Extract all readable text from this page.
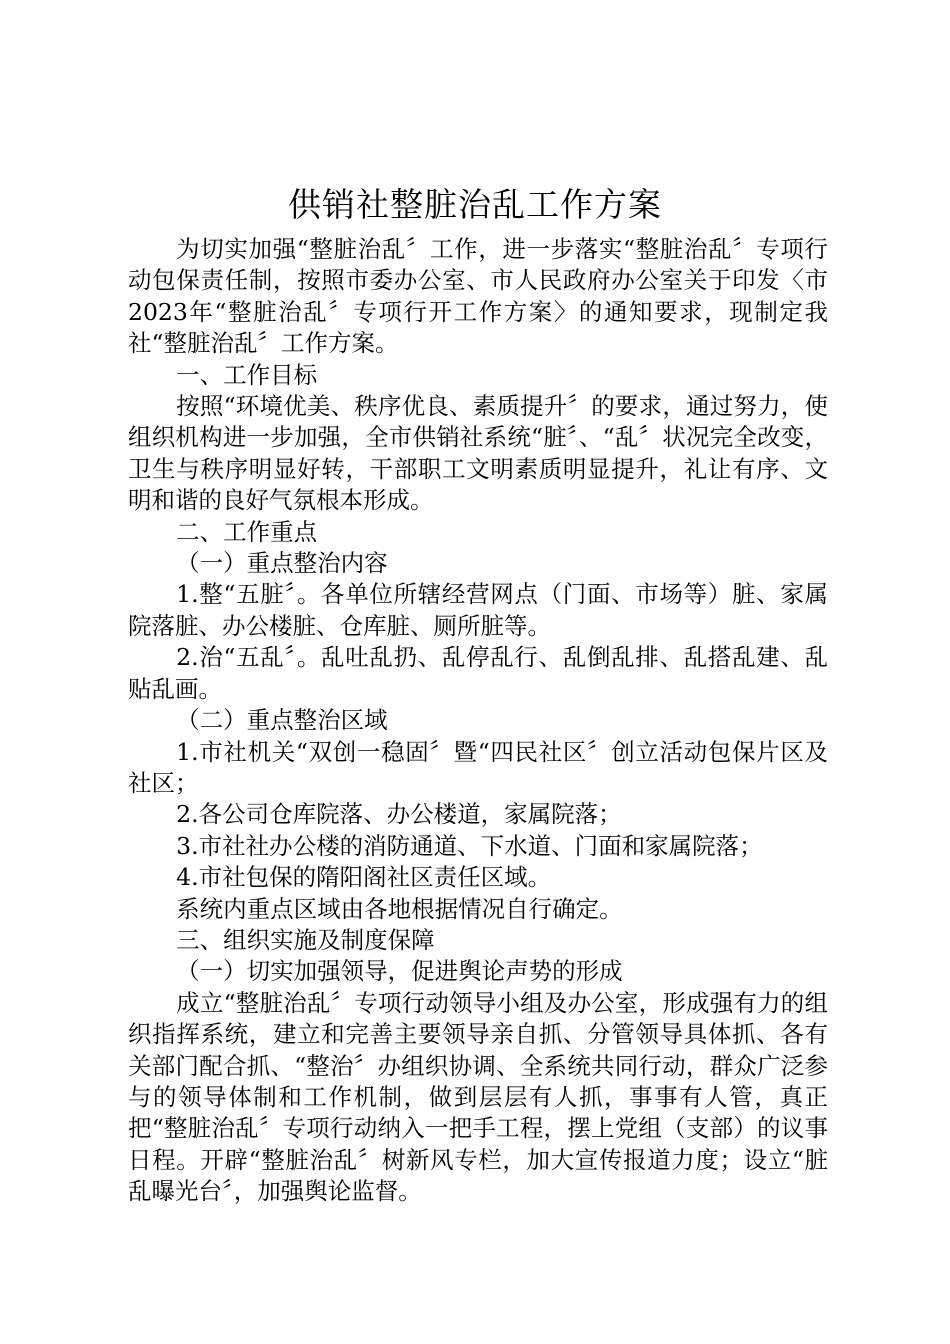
供销社整脏治乱工作方案

为切实加强“整脏治乱〞工作，进一步落实“整脏治乱〞专项行动包保责任制，按照市委办公室、市人民政府办公室关于印发〈市2023年“整脏治乱〞专项行开工作方案〉的通知要求，现制定我社“整脏治乱〞工作方案。

一、工作目标

按照“环境优美、秩序优良、素质提升〞的要求，通过努力，使组织机构进一步加强，全市供销社系统“脏〞、“乱〞状况完全改变，卫生与秩序明显好转，干部职工文明素质明显提升，礼让有序、文明和谐的良好气氛根本形成。

二、工作重点

（一）重点整治内容

1.整“五脏〞。各单位所辖经营网点（门面、市场等）脏、家属院落脏、办公楼脏、仓库脏、厕所脏等。

2.治“五乱〞。乱吐乱扔、乱停乱行、乱倒乱排、乱搭乱建、乱贴乱画。

（二）重点整治区域

1.市社机关“双创一稳固〞暨“四民社区〞创立活动包保片区及社区；

2.各公司仓库院落、办公楼道，家属院落；

3.市社社办公楼的消防通道、下水道、门面和家属院落；

4.市社包保的隋阳阁社区责任区域。

系统内重点区域由各地根据情况自行确定。

三、组织实施及制度保障

（一）切实加强领导，促进舆论声势的形成

成立“整脏治乱〞专项行动领导小组及办公室，形成强有力的组织指挥系统，建立和完善主要领导亲自抓、分管领导具体抓、各有关部门配合抓、“整治〞办组织协调、全系统共同行动，群众广泛参与的领导体制和工作机制，做到层层有人抓，事事有人管，真正把“整脏治乱〞专项行动纳入一把手工程，摆上党组（支部）的议事日程。开辟“整脏治乱〞树新风专栏，加大宣传报道力度；设立“脏乱曝光台〞，加强舆论监督。
